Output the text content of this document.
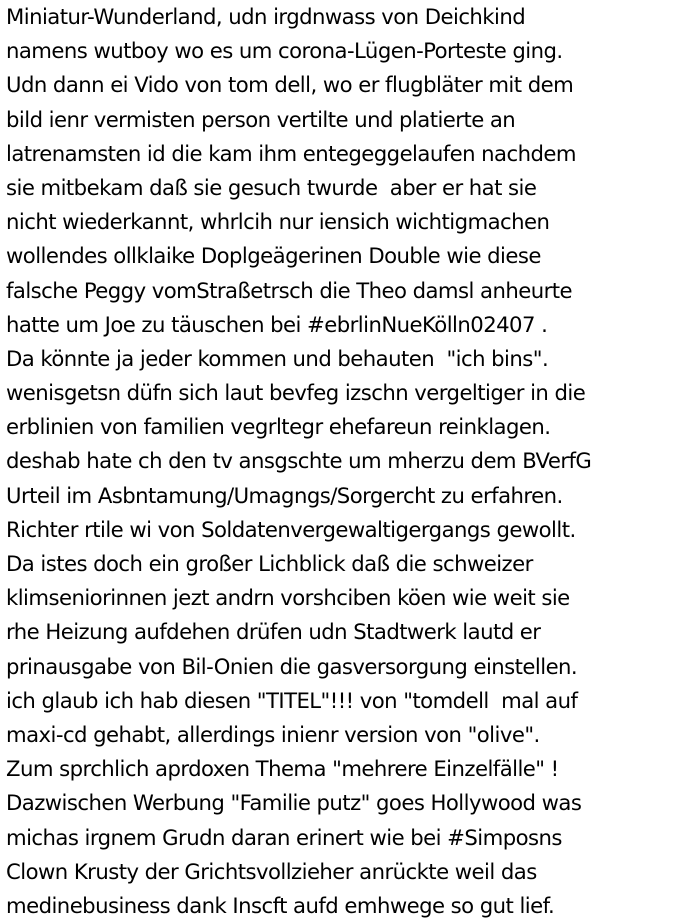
Miniatur-Wunderland, udn irgdnwass von Deichkind
namens wutboy wo es um corona-Lügen-Porteste ging.
Udn dann ei Vido von tom dell, wo er flugbläter mit dem
bild ienr vermisten person vertilte und platierte an
latrenamsten id die kam ihm entegeggelaufen nachdem
sie mitbekam daß sie gesuch twurde  aber er hat sie
nicht wiederkannt, whrlcih nur iensich wichtigmachen
wollendes ollklaike Doplgeägerinen Double wie diese
falsche Peggy vomStraßetrsch die Theo damsl anheurte
hatte um Joe zu täuschen bei #ebrlinNueKölln02407 .
Da könnte ja jeder kommen und behauten  "ich bins".
wenisgetsn düfn sich laut bevfeg izschn vergeltiger in die
erblinien von familien vegrltegr ehefareun reinklagen.
deshab hate ch den tv ansgschte um mherzu dem BVerfG
Urteil im Asbntamung/Umagngs/Sorgercht zu erfahren.
Richter rtile wi von Soldatenvergewaltigergangs gewollt.
Da istes doch ein großer Lichblick daß die schweizer
klimseniorinnen jezt andrn vorshciben köen wie weit sie
rhe Heizung aufdehen drüfen udn Stadtwerk lautd er
prinausgabe von Bil-Onien die gasversorgung einstellen.
ich glaub ich hab diesen "TITEL"!!! von "tomdell  mal auf
maxi-cd gehabt, allerdings inienr version von "olive".
Zum sprchlich aprdoxen Thema "mehrere Einzelfälle" !
Dazwischen Werbung "Familie putz" goes Hollywood was
michas irgnem Grudn daran erinert wie bei #Simposns
Clown Krusty der Grichtsvollzieher anrückte weil das
medinebusiness dank Inscft aufd emhwege so gut lief.
